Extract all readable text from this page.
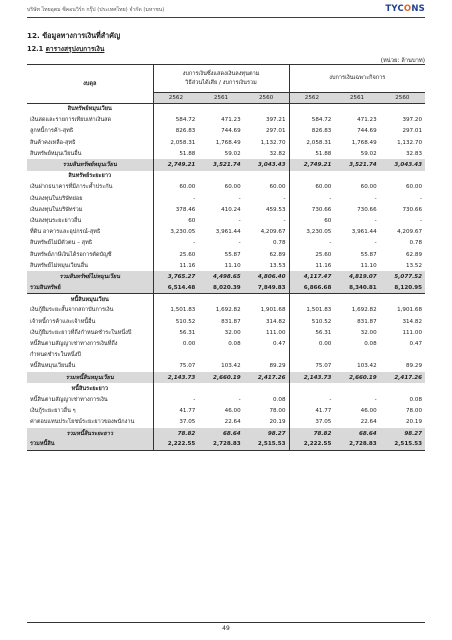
บริษัท ไทยอุตม ซีคอนวิร์ก กรุ๊ป (ประเทศไทย) จำกัด (มหาชน)	TYCONS
12. ข้อมูลทางการเงินที่สำคัญ
12.1 ตารางสรุปงบการเงิน
(หน่วย: ล้านบาท)
งบดุล	งบการเงินซึ่งแสดงเงินลงทุนตาม
วิธีส่วนได้เสีย / งบการเงินรวม			งบการเงินเฉพาะกิจการ		
	2562	2561	2560	2562	2561	2560
สินทรัพย์หมุนเวียน						
เงินสดและรายการเทียบเท่าเงินสด	584.72	471.23	397.21	584.72	471.23	397.20
ลูกหนี้การค้า-สุทธิ	826.83	744.69	297.01	826.83	744.69	297.01
สินค้าคงเหลือ-สุทธิ	2,058.31	1,768.49	1,132.70	2,058.31	1,768.49	1,132.70
สินทรัพย์หมุนเวียนอื่น	51.88	59.02	32.82	51.88	59.02	32.83
รวมสินทรัพย์หมุนเวียน	2,749.21	3,521.74	3,043.43	2,749.21	3,521.74	3,043.43
สินทรัพย์ระยะยาว						
เงินฝากธนาคารที่มีภาระค้ำประกัน	60.00	60.00	60.00	60.00	60.00	60.00
เงินลงทุนในบริษัทย่อย	-	-	-	-	-	-
เงินลงทุนในบริษัทร่วม	378.46	410.24	459.53	730.66	730.66	730.66
เงินลงทุนระยะยาวอื่น	60	-	-	60	-	-
ที่ดิน อาคารและอุปกรณ์-สุทธิ	3,230.05	3,961.44	4,209.67	3,230.05	3,961.44	4,209.67
สินทรัพย์ไม่มีตัวตน – สุทธิ	-	-	0.78	-	-	0.78
สินทรัพย์ภาษีเงินได้รอการตัดบัญชี	25.60	55.87	62.89	25.60	55.87	62.89
สินทรัพย์ไม่หมุนเวียนอื่น	11.16	11.10	13.53	11.16	11.10	13.52
รวมสินทรัพย์ไม่หมุนเวียน	3,765.27	4,498.65	4,806.40	4,117.47	4,819.07	5,077.52
รวมสินทรัพย์	6,514.48	8,020.39	7,849.83	6,866.68	8,340.81	8,120.95
หนี้สินหมุนเวียน						
เงินกู้ยืมระยะสั้นจากสถาบันการเงิน	1,501.83	1,692.82	1,901.68	1,501.83	1,692.82	1,901.68
เจ้าหนี้การค้าและเจ้าหนี้อื่น	510.52	831.87	314.82	510.52	831.87	314.82
เงินกู้ยืมระยะยาวที่ถึงกำหนดชำระในหนึ่งปี	56.31	32.00	111.00	56.31	32.00	111.00
หนี้สินตามสัญญาเช่าทางการเงินที่ถึง	0.00	0.08	0.47	0.00	0.08	0.47
กำหนดชำระในหนึ่งปี						
หนี้สินหมุนเวียนอื่น	75.07	103.42	89.29	75.07	103.42	89.29
รวมหนี้สินหมุนเวียน	2,143.73	2,660.19	2,417.26	2,143.73	2,660.19	2,417.26
หนี้สินระยะยาว						
หนี้สินตามสัญญาเช่าทางการเงิน	-	-	0.08	-	-	0.08
เงินกู้ระยะยาวอื่น ๆ	41.77	46.00	78.00	41.77	46.00	78.00
ค่าตอบแทนประโยชน์ระยะยาวของพนักงาน	37.05	22.64	20.19	37.05	22.64	20.19
รวมหนี้สินระยะยาว	78.82	68.64	98.27	78.82	68.64	98.27
รวมหนี้สิน	2,222.55	2,728.83	2,515.53	2,222.55	2,728.83	2,515.53
49
